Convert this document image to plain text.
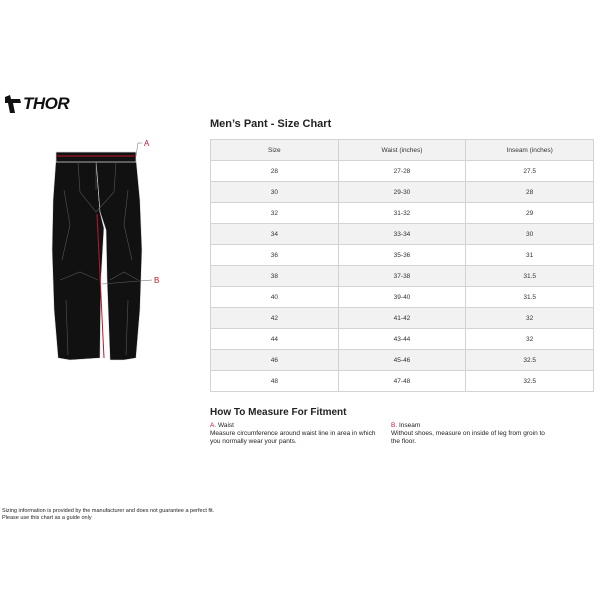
THOR
A
B
Men’s Pant - Size Chart
Size	Waist (inches)	Inseam (inches)
28	27-28	27.5
30	29-30	28
32	31-32	29
34	33-34	30
36	35-36	31
38	37-38	31.5
40	39-40	31.5
42	41-42	32
44	43-44	32
46	45-46	32.5
48	47-48	32.5
How To Measure For Fitment
A. Waist
Measure circumference around waist line in area in which
you normally wear your pants.
B. Inseam
Without shoes, measure on inside of leg from groin to
the floor.
Sizing information is provided by the manufacturer and does not guarantee a perfect fit.
Please use this chart as a guide only
